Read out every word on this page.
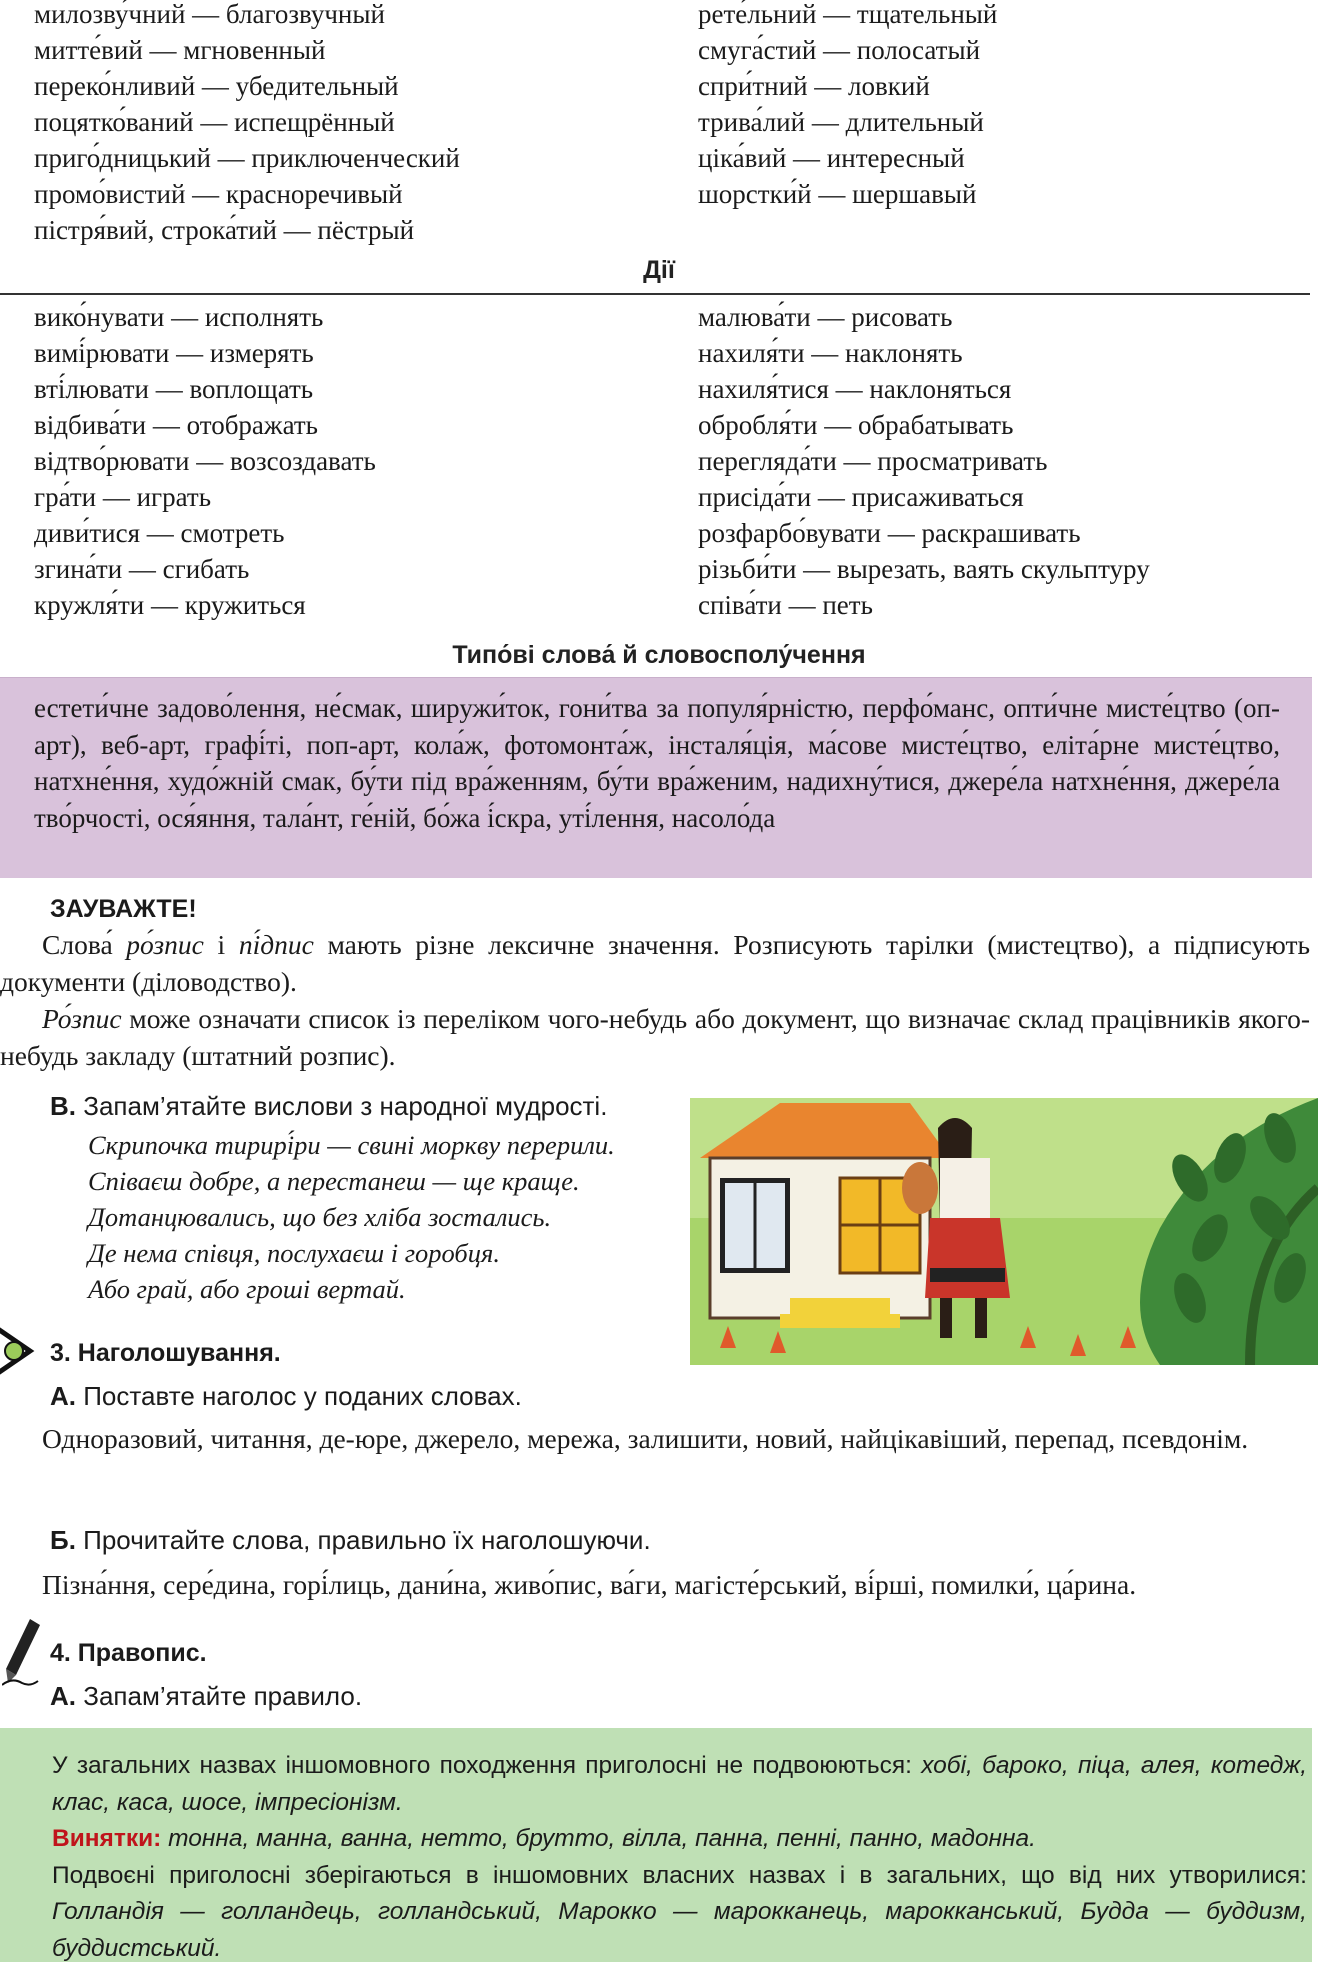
милозву́чний — благозвучный
митте́вий — мгновенный
переко́нливий — убедительный
поцятко́ваний — испещрённый
приго́дницький — приключенческий
промо́вистий — красноречивый
пістря́вий, строка́тий — пёстрый
рете́льний — тщательный
смуга́стий — полосатый
спри́тний — ловкий
трива́лий — длительный
ціка́вий — интересный
шорстки́й — шершавый
Дії
вико́нувати — исполнять
вимі́рювати — измерять
вті́лювати — воплощать
відбива́ти — отображать
відтво́рювати — возсоздавать
гра́ти — играть
диви́тися — смотреть
згина́ти — сгибать
кружля́ти — кружиться
малюва́ти — рисовать
нахиля́ти — наклонять
нахиля́тися — наклоняться
обробля́ти — обрабатывать
перегляда́ти — просматривать
присіда́ти — присаживаться
розфарбо́вувати — раскрашивать
різьби́ти — вырезать, ваять скульптуру
співа́ти — петь
Типо́ві слова́ й словосполу́чення
естети́чне задово́лення, не́смак, ширужи́ток, гони́тва за популя́рністю, перфо́манс, опти́чне мисте́цтво (оп-арт), веб-арт, графі́ті, поп-арт, кола́ж, фотомонта́ж, інсталя́ція, ма́сове мисте́цтво, еліта́рне мисте́цтво, натхне́ння, худо́жній смак, бу́ти під вра́женням, бу́ти вра́женим, надихну́тися, джере́ла натхне́ння, джере́ла тво́рчості, ося́яння, тала́нт, ге́ній, бо́жа і́скра, уті́лення, насоло́да
ЗАУВАЖТЕ!
Слова́ ро́зпис і пі́дпис мають різне лексичне значення. Розписують тарілки (мистецтво), а підписують документи (діловодство).
Ро́зпис може означати список із переліком чого-небудь або документ, що визначає склад працівників якого-небудь закладу (штатний розпис).
В. Запам’ятайте вислови з народної мудрості.
Скрипочка тирирі́ри — свині моркву перерили.
Співаєш добре, а перестанеш — ще краще.
Дотанцювались, що без хліба зостались.
Де нема співця, послухаєш і горобця.
Або грай, або гроші вертай.
3. Наголошування.
А. Поставте наголос у поданих словах.
Одноразовий, читання, де-юре, джерело, мережа, залишити, новий, найцікавіший, перепад, псевдонім.
Б. Прочитайте слова, правильно їх наголошуючи.
Пізна́ння, сере́дина, горі́лиць, дани́на, живо́пис, ва́ги, магісте́рський, ві́рші, помилки́, ца́рина.
4. Правопис.
А. Запам’ятайте правило.
У загальних назвах іншомовного походження приголосні не подвоюються: хобі, бароко, піца, алея, котедж, клас, каса, шосе, імпресіонізм.
Винятки: тонна, манна, ванна, нетто, брутто, вілла, панна, пенні, панно, мадонна.
Подвоєні приголосні зберігаються в іншомовних власних назвах і в загальних, що від них утворилися: Голландія — голландець, голландський, Марокко — марокканець, марокканський, Будда — буддизм, буддистський.
